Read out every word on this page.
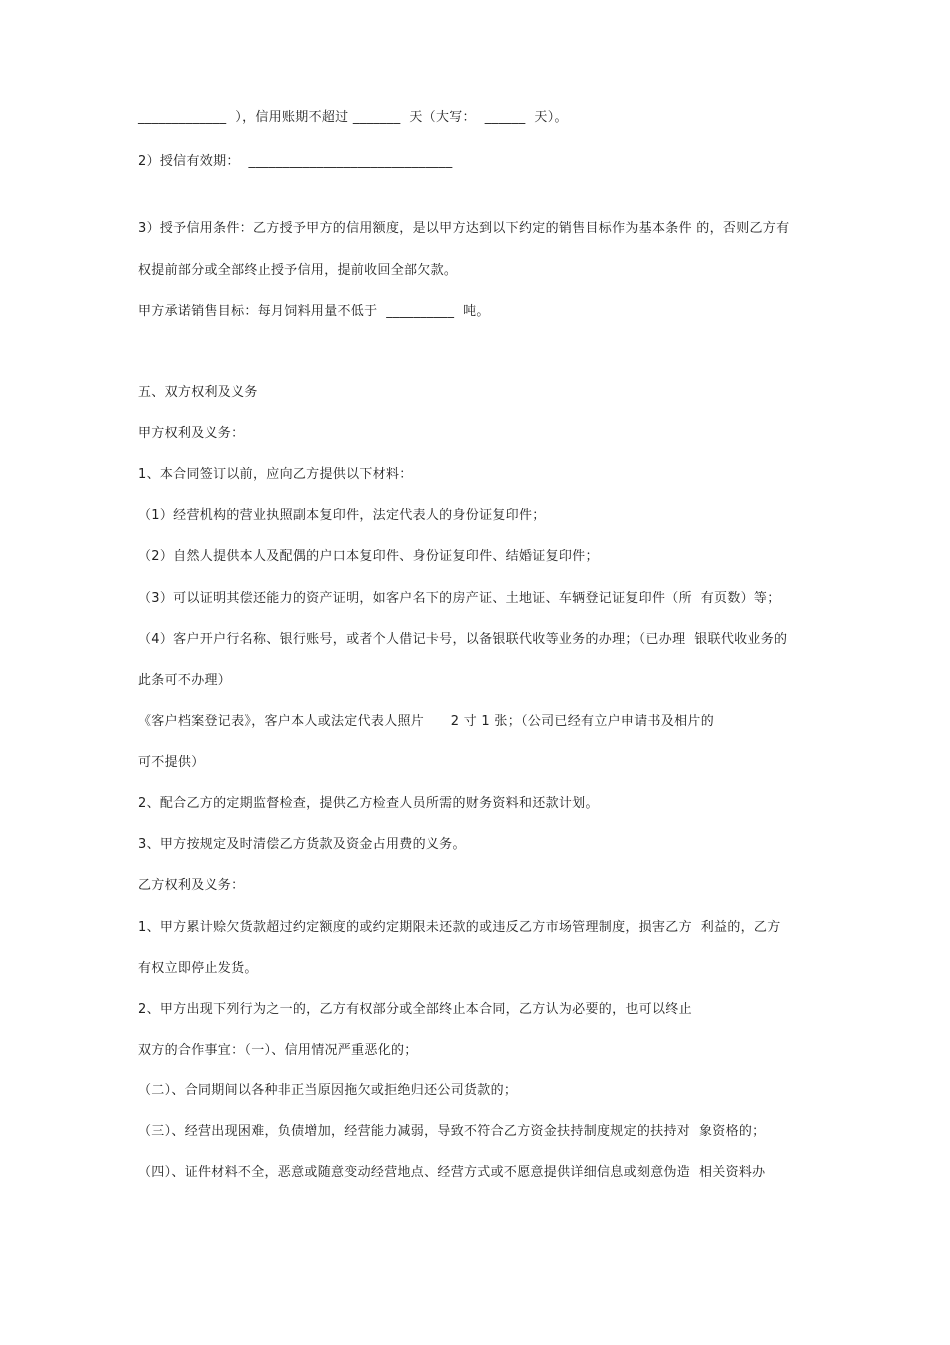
_____________  ），信用账期不超过 _______  天（大写：  ______  天）。
2）授信有效期：  ______________________________
3）授予信用条件：乙方授予甲方的信用额度，是以甲方达到以下约定的销售目标作为基本条件 的，否则乙方有
权提前部分或全部终止授予信用，提前收回全部欠款。
甲方承诺销售目标：每月饲料用量不低于  __________  吨。
五、双方权利及义务
甲方权利及义务：
1、本合同签订以前，应向乙方提供以下材料：
（1）经营机构的营业执照副本复印件，法定代表人的身份证复印件；
（2）自然人提供本人及配偶的户口本复印件、身份证复印件、结婚证复印件；
（3）可以证明其偿还能力的资产证明，如客户名下的房产证、土地证、车辆登记证复印件（所  有页数）等；
（4）客户开户行名称、银行账号，或者个人借记卡号，以备银联代收等业务的办理；（已办理  银联代收业务的
此条可不办理）
《客户档案登记表》，客户本人或法定代表人照片      2 寸 1 张；（公司已经有立户申请书及相片的
可不提供）
2、配合乙方的定期监督检查，提供乙方检查人员所需的财务资料和还款计划。
3、甲方按规定及时清偿乙方货款及资金占用费的义务。
乙方权利及义务：
1、甲方累计赊欠货款超过约定额度的或约定期限未还款的或违反乙方市场管理制度，损害乙方  利益的，乙方
有权立即停止发货。
2、甲方出现下列行为之一的，乙方有权部分或全部终止本合同，乙方认为必要的，也可以终止
双方的合作事宜：（一）、信用情况严重恶化的；
（二）、合同期间以各种非正当原因拖欠或拒绝归还公司货款的；
（三）、经营出现困难，负债增加，经营能力减弱，导致不符合乙方资金扶持制度规定的扶持对  象资格的；
（四）、证件材料不全，恶意或随意变动经营地点、经营方式或不愿意提供详细信息或刻意伪造  相关资料办
